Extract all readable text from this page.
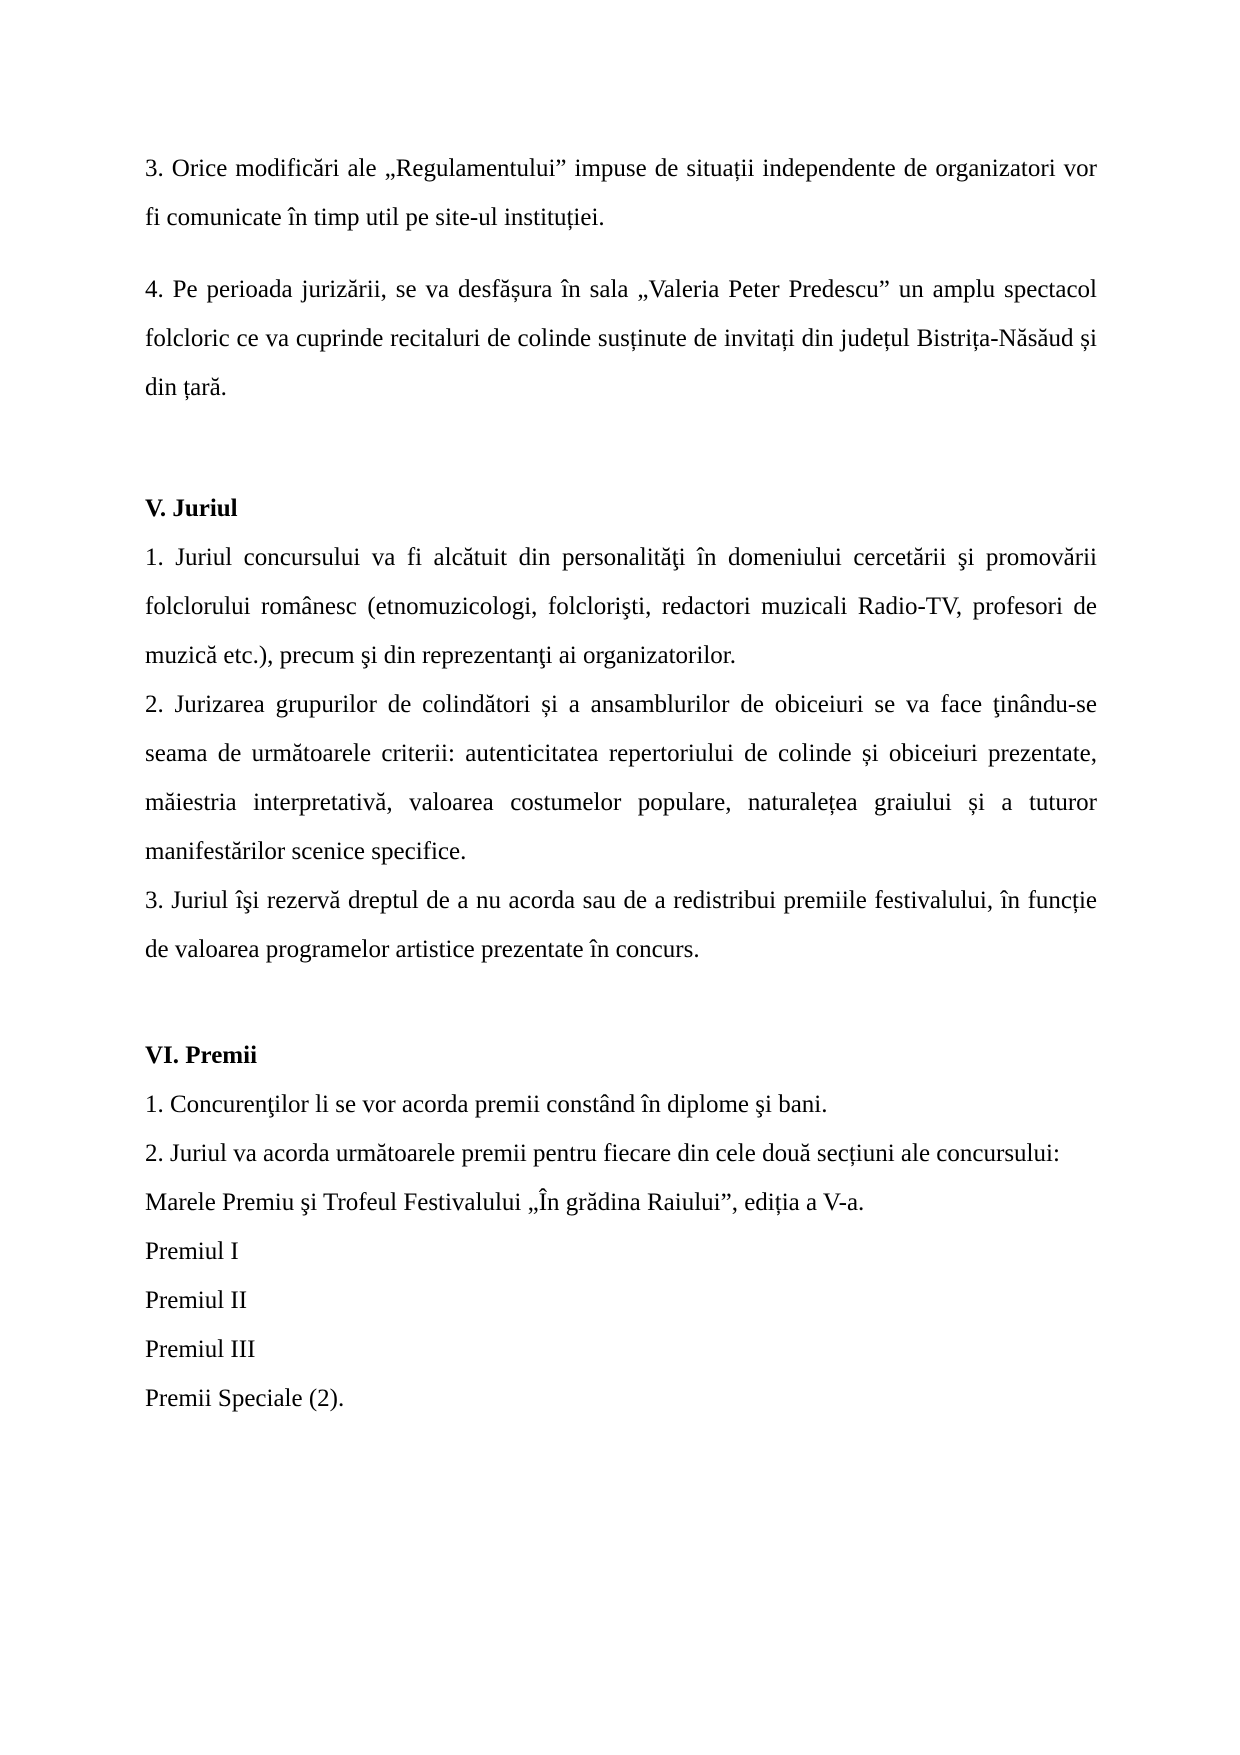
3. Orice modificări ale „Regulamentului” impuse de situații independente de organizatori vor fi comunicate în timp util pe site-ul instituției.

4. Pe perioada jurizării, se va desfășura în sala „Valeria Peter Predescu” un amplu spectacol folcloric ce va cuprinde recitaluri de colinde susținute de invitați din județul Bistrița-Năsăud și din țară.

V. Juriul

1. Juriul concursului va fi alcătuit din personalităţi în domeniului cercetării şi promovării folclorului românesc (etnomuzicologi, folclorişti, redactori muzicali Radio-TV, profesori de muzică etc.), precum şi din reprezentanţi ai organizatorilor.

2. Jurizarea grupurilor de colindători și a ansamblurilor de obiceiuri se va face ţinându-se seama de următoarele criterii: autenticitatea repertoriului de colinde și obiceiuri prezentate, măiestria interpretativă, valoarea costumelor populare, naturalețea graiului și a tuturor manifestărilor scenice specifice.

3. Juriul îşi rezervă dreptul de a nu acorda sau de a redistribui premiile festivalului, în funcție de valoarea programelor artistice prezentate în concurs.

VI. Premii

1. Concurenţilor li se vor acorda premii constând în diplome şi bani.

2. Juriul va acorda următoarele premii pentru fiecare din cele două secțiuni ale concursului:

Marele Premiu şi Trofeul Festivalului „În grădina Raiului”, ediția a V-a.

Premiul I

Premiul II

Premiul III

Premii Speciale (2).
